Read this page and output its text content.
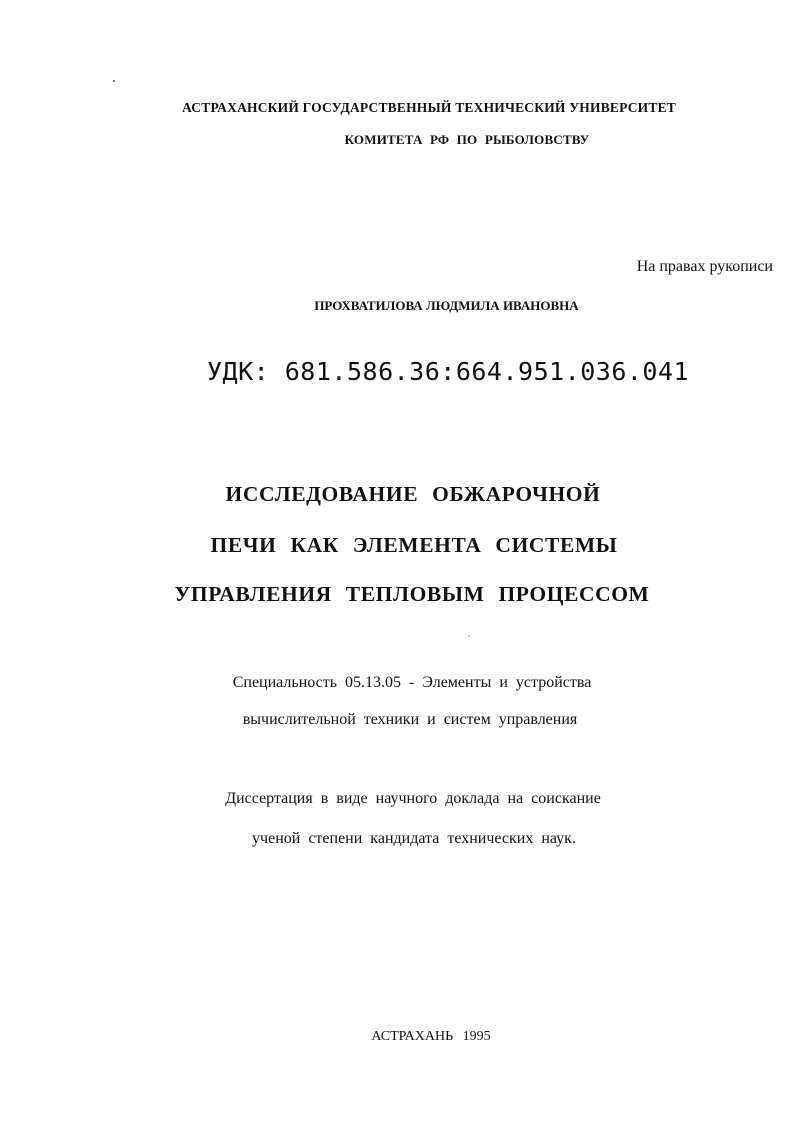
АСТРАХАНСКИЙ ГОСУДАРСТВЕННЫЙ ТЕХНИЧЕСКИЙ УНИВЕРСИТЕТ
КОМИТЕТА РФ ПО РЫБОЛОВСТВУ
На правах рукописи
ПРОХВАТИЛОВА ЛЮДМИЛА ИВАНОВНА
УДК: 681.586.36:664.951.036.041
ИССЛЕДОВАНИЕ ОБЖАРОЧНОЙ
ПЕЧИ КАК ЭЛЕМЕНТА СИСТЕМЫ
УПРАВЛЕНИЯ ТЕПЛОВЫМ ПРОЦЕССОМ
Специальность 05.13.05 - Элементы и устройства
вычислительной техники и систем управления
Диссертация в виде научного доклада на соискание
ученой степени кандидата технических наук.
АСТРАХАНЬ 1995
